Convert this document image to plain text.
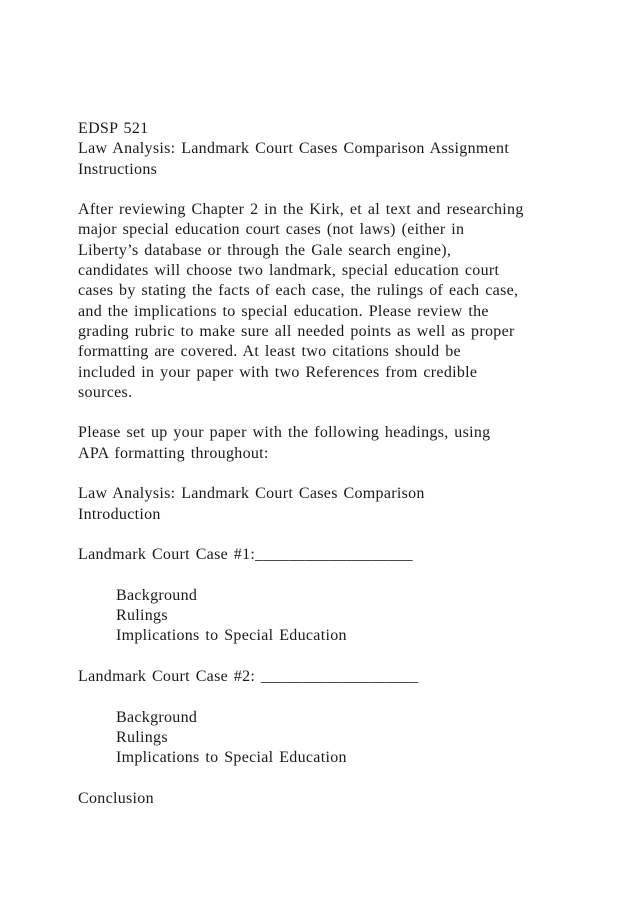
EDSP 521
Law Analysis: Landmark Court Cases Comparison Assignment
Instructions
After reviewing Chapter 2 in the Kirk, et al text and researching
major special education court cases (not laws) (either in
Liberty’s database or through the Gale search engine),
candidates will choose two landmark, special education court
cases by stating the facts of each case, the rulings of each case,
and the implications to special education. Please review the
grading rubric to make sure all needed points as well as proper
formatting are covered. At least two citations should be
included in your paper with two References from credible
sources.
Please set up your paper with the following headings, using
APA formatting throughout:
Law Analysis: Landmark Court Cases Comparison
Introduction
Landmark Court Case #1:___________________
Background
Rulings
Implications to Special Education
Landmark Court Case #2: ___________________
Background
Rulings
Implications to Special Education
Conclusion
